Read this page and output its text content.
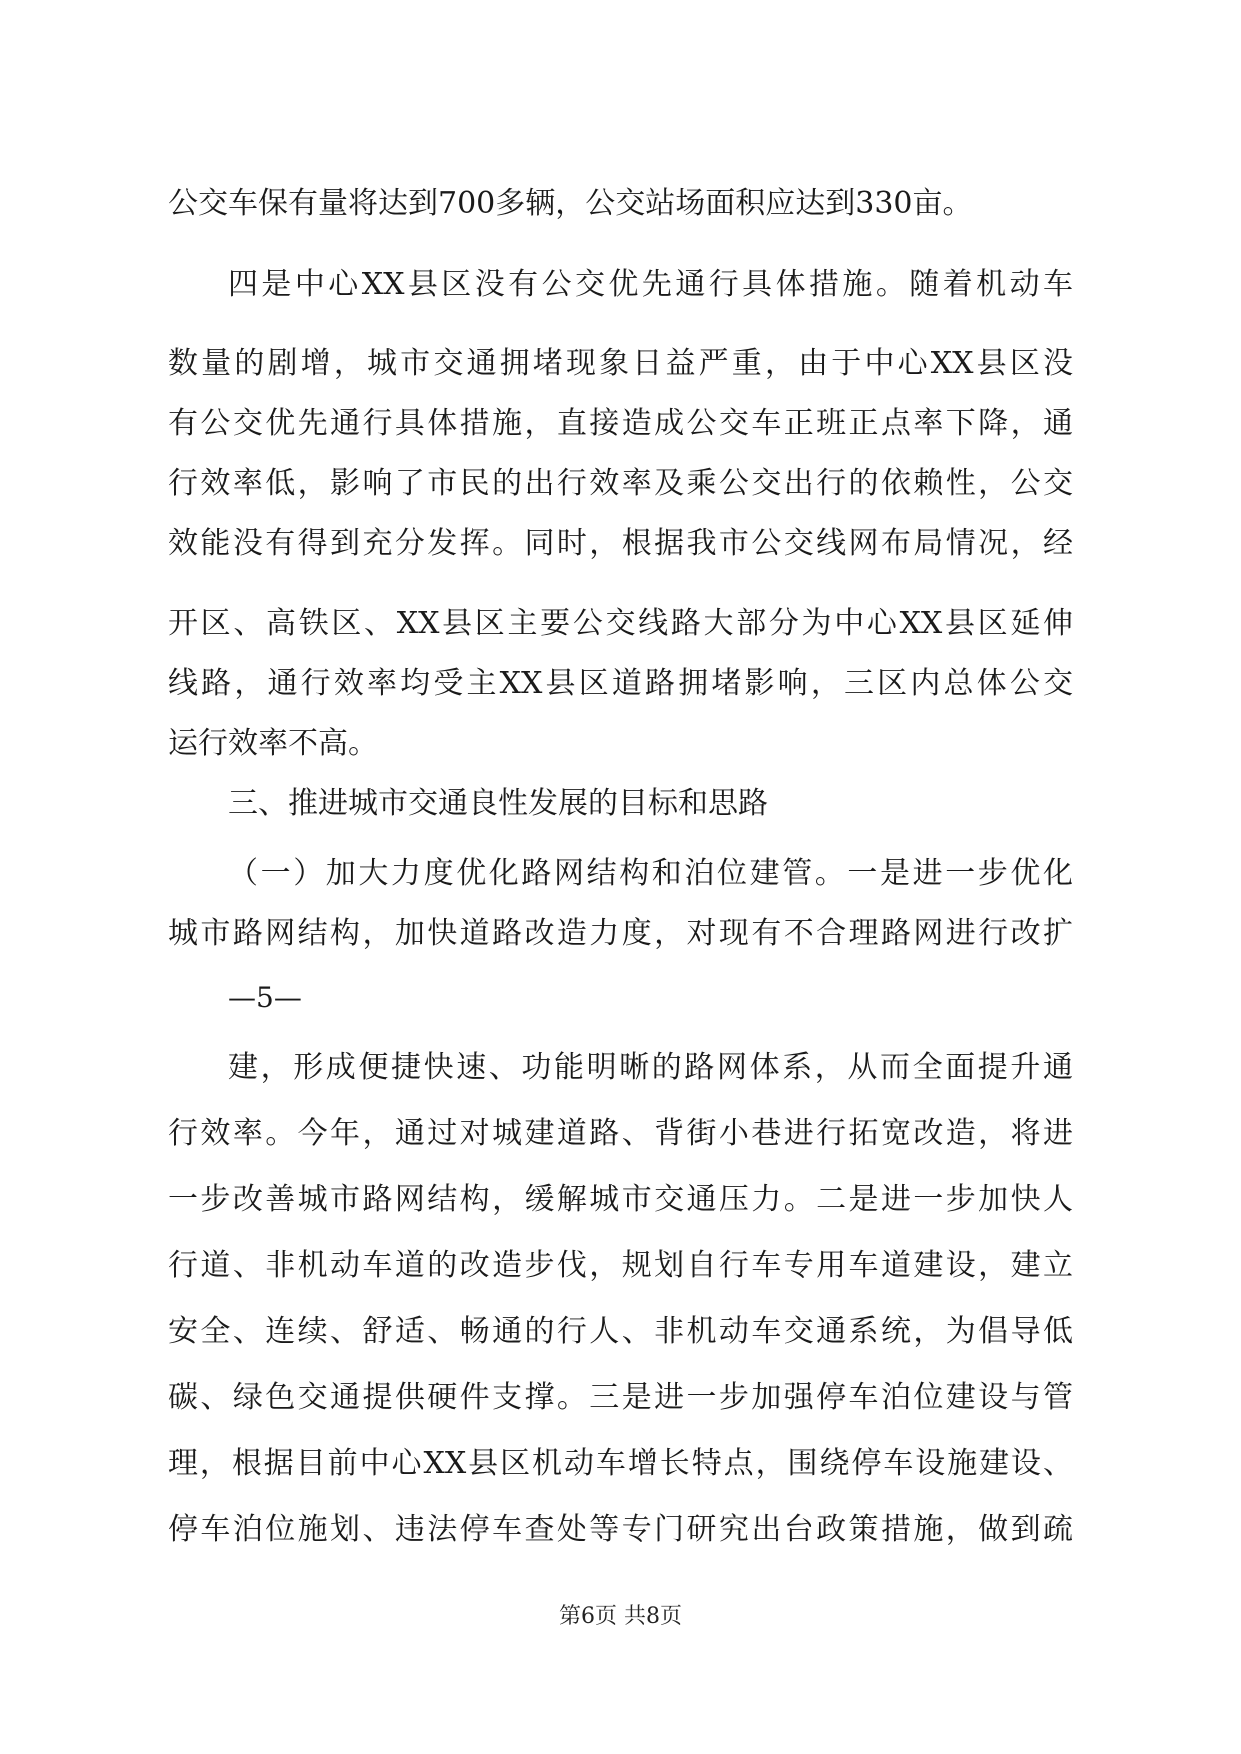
公交车保有量将达到700多辆，公交站场面积应达到330亩。
四是中心XX县区没有公交优先通行具体措施。随着机动车
数量的剧增，城市交通拥堵现象日益严重，由于中心XX县区没
有公交优先通行具体措施，直接造成公交车正班正点率下降，通
行效率低，影响了市民的出行效率及乘公交出行的依赖性，公交
效能没有得到充分发挥。同时，根据我市公交线网布局情况，经
开区、高铁区、XX县区主要公交线路大部分为中心XX县区延伸
线路，通行效率均受主XX县区道路拥堵影响，三区内总体公交
运行效率不高。
三、推进城市交通良性发展的目标和思路
（一）加大力度优化路网结构和泊位建管。一是进一步优化
城市路网结构，加快道路改造力度，对现有不合理路网进行改扩
—5—
建，形成便捷快速、功能明晰的路网体系，从而全面提升通
行效率。今年，通过对城建道路、背街小巷进行拓宽改造，将进
一步改善城市路网结构，缓解城市交通压力。二是进一步加快人
行道、非机动车道的改造步伐，规划自行车专用车道建设，建立
安全、连续、舒适、畅通的行人、非机动车交通系统，为倡导低
碳、绿色交通提供硬件支撑。三是进一步加强停车泊位建设与管
理，根据目前中心XX县区机动车增长特点，围绕停车设施建设、
停车泊位施划、违法停车查处等专门研究出台政策措施，做到疏
第6页 共8页
